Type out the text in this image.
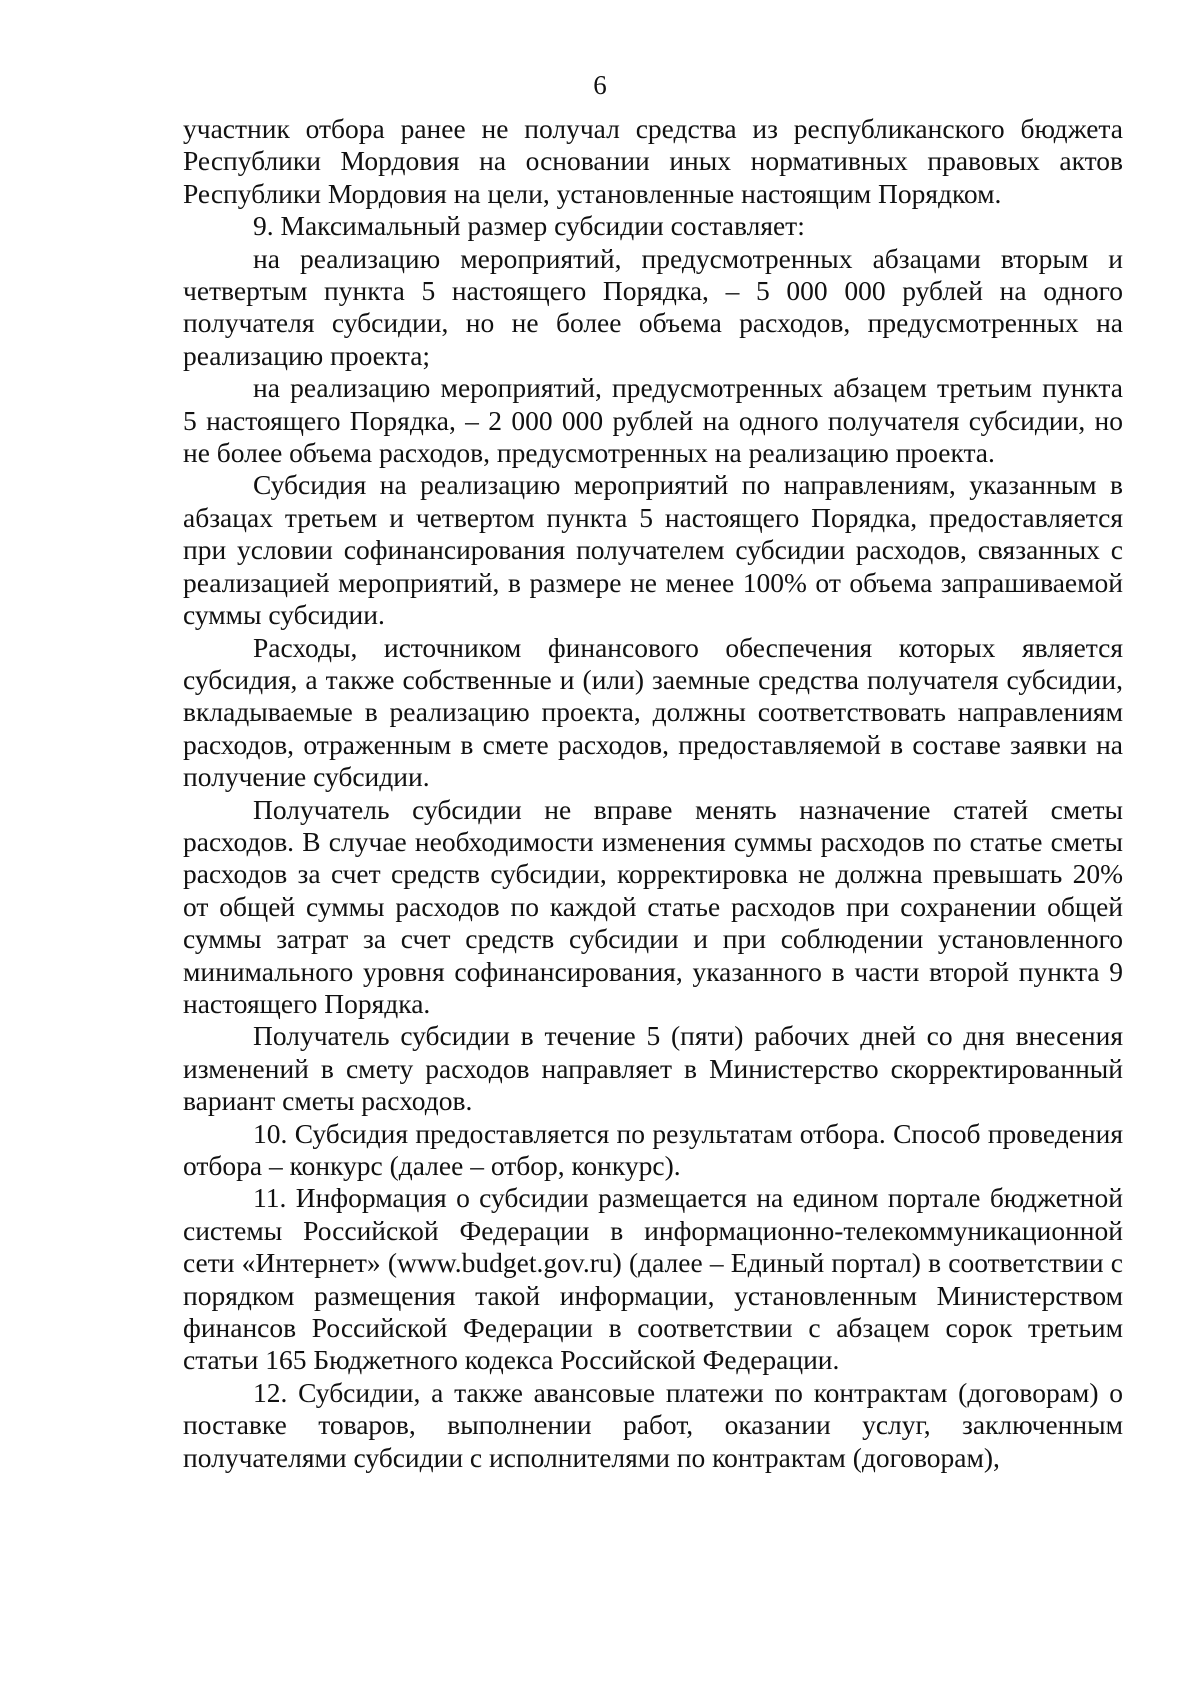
6

участник отбора ранее не получал средства из республиканского бюджета Республики Мордовия на основании иных нормативных правовых актов Республики Мордовия на цели, установленные настоящим Порядком.

9. Максимальный размер субсидии составляет:

на реализацию мероприятий, предусмотренных абзацами вторым и четвертым пункта 5 настоящего Порядка, – 5 000 000 рублей на одного получателя субсидии, но не более объема расходов, предусмотренных на реализацию проекта;

на реализацию мероприятий, предусмотренных абзацем третьим пункта 5 настоящего Порядка, – 2 000 000 рублей на одного получателя субсидии, но не более объема расходов, предусмотренных на реализацию проекта.

Субсидия на реализацию мероприятий по направлениям, указанным в абзацах третьем и четвертом пункта 5 настоящего Порядка, предоставляется при условии софинансирования получателем субсидии расходов, связанных с реализацией мероприятий, в размере не менее 100% от объема запрашиваемой суммы субсидии.

Расходы, источником финансового обеспечения которых является субсидия, а также собственные и (или) заемные средства получателя субсидии, вкладываемые в реализацию проекта, должны соответствовать направлениям расходов, отраженным в смете расходов, предоставляемой в составе заявки на получение субсидии.

Получатель субсидии не вправе менять назначение статей сметы расходов. В случае необходимости изменения суммы расходов по статье сметы расходов за счет средств субсидии, корректировка не должна превышать 20% от общей суммы расходов по каждой статье расходов при сохранении общей суммы затрат за счет средств субсидии и при соблюдении установленного минимального уровня софинансирования, указанного в части второй пункта 9 настоящего Порядка.

Получатель субсидии в течение 5 (пяти) рабочих дней со дня внесения изменений в смету расходов направляет в Министерство скорректированный вариант сметы расходов.

10. Субсидия предоставляется по результатам отбора. Способ проведения отбора – конкурс (далее – отбор, конкурс).

11. Информация о субсидии размещается на едином портале бюджетной системы Российской Федерации в информационно-телекоммуникационной сети «Интернет» (www.budget.gov.ru) (далее – Единый портал) в соответствии с порядком размещения такой информации, установленным Министерством финансов Российской Федерации в соответствии с абзацем сорок третьим статьи 165 Бюджетного кодекса Российской Федерации.

12. Субсидии, а также авансовые платежи по контрактам (договорам) о поставке товаров, выполнении работ, оказании услуг, заключенным получателями субсидии с исполнителями по контрактам (договорам),
